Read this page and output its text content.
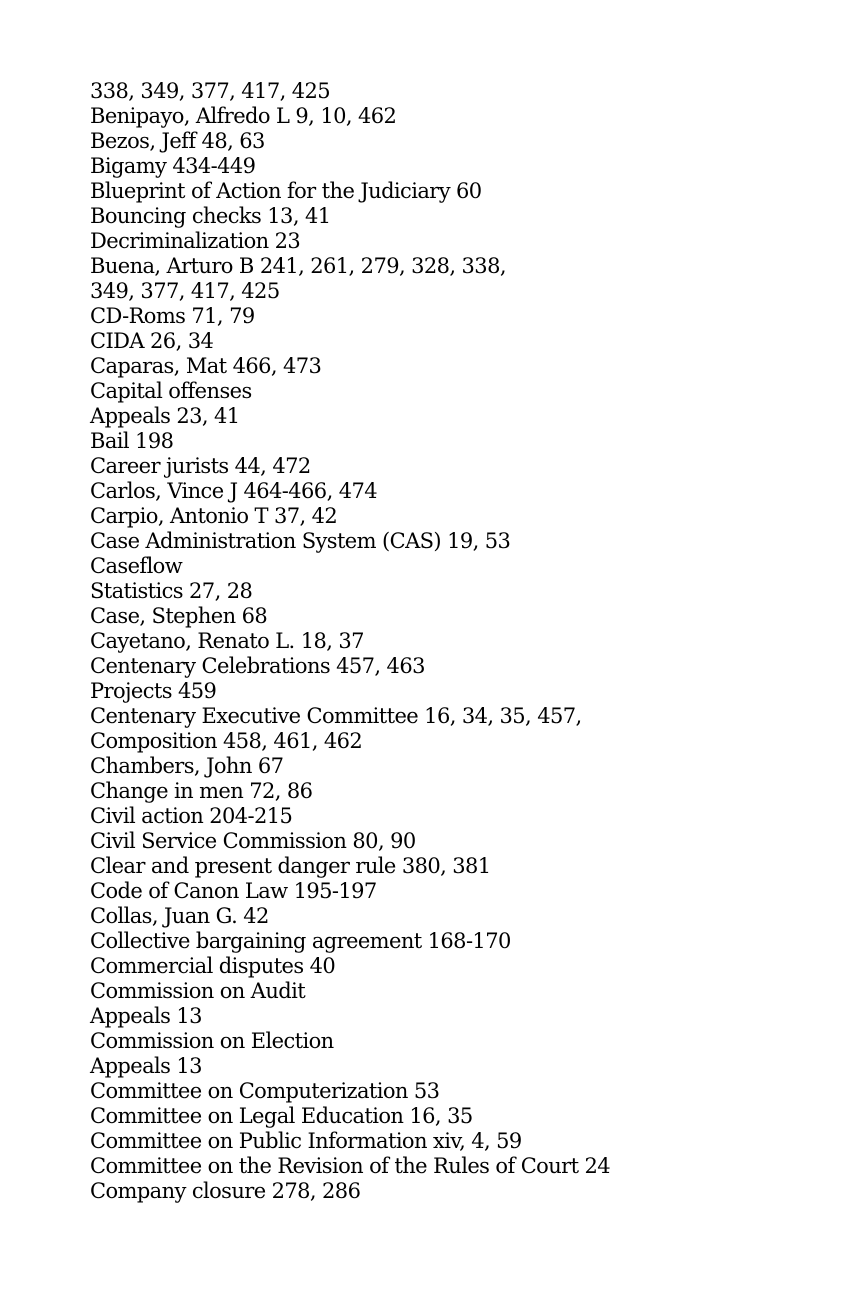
338, 349, 377, 417, 425
Benipayo, Alfredo L 9, 10, 462
Bezos, Jeff 48, 63
Bigamy 434-449
Blueprint of Action for the Judiciary 60
Bouncing checks 13, 41
Decriminalization 23
Buena, Arturo B 241, 261, 279, 328, 338,
349, 377, 417, 425
CD-Roms 71, 79
CIDA 26, 34
Caparas, Mat 466, 473
Capital offenses
Appeals 23, 41
Bail 198
Career jurists 44, 472
Carlos, Vince J 464-466, 474
Carpio, Antonio T 37, 42
Case Administration System (CAS) 19, 53
Caseflow
Statistics 27, 28
Case, Stephen 68
Cayetano, Renato L. 18, 37
Centenary Celebrations 457, 463
Projects 459
Centenary Executive Committee 16, 34, 35, 457,
Composition 458, 461, 462
Chambers, John 67
Change in men 72, 86
Civil action 204-215
Civil Service Commission 80, 90
Clear and present danger rule 380, 381
Code of Canon Law 195-197
Collas, Juan G. 42
Collective bargaining agreement 168-170
Commercial disputes 40
Commission on Audit
Appeals 13
Commission on Election
Appeals 13
Committee on Computerization 53
Committee on Legal Education 16, 35
Committee on Public Information xiv, 4, 59
Committee on the Revision of the Rules of Court 24
Company closure 278, 286
